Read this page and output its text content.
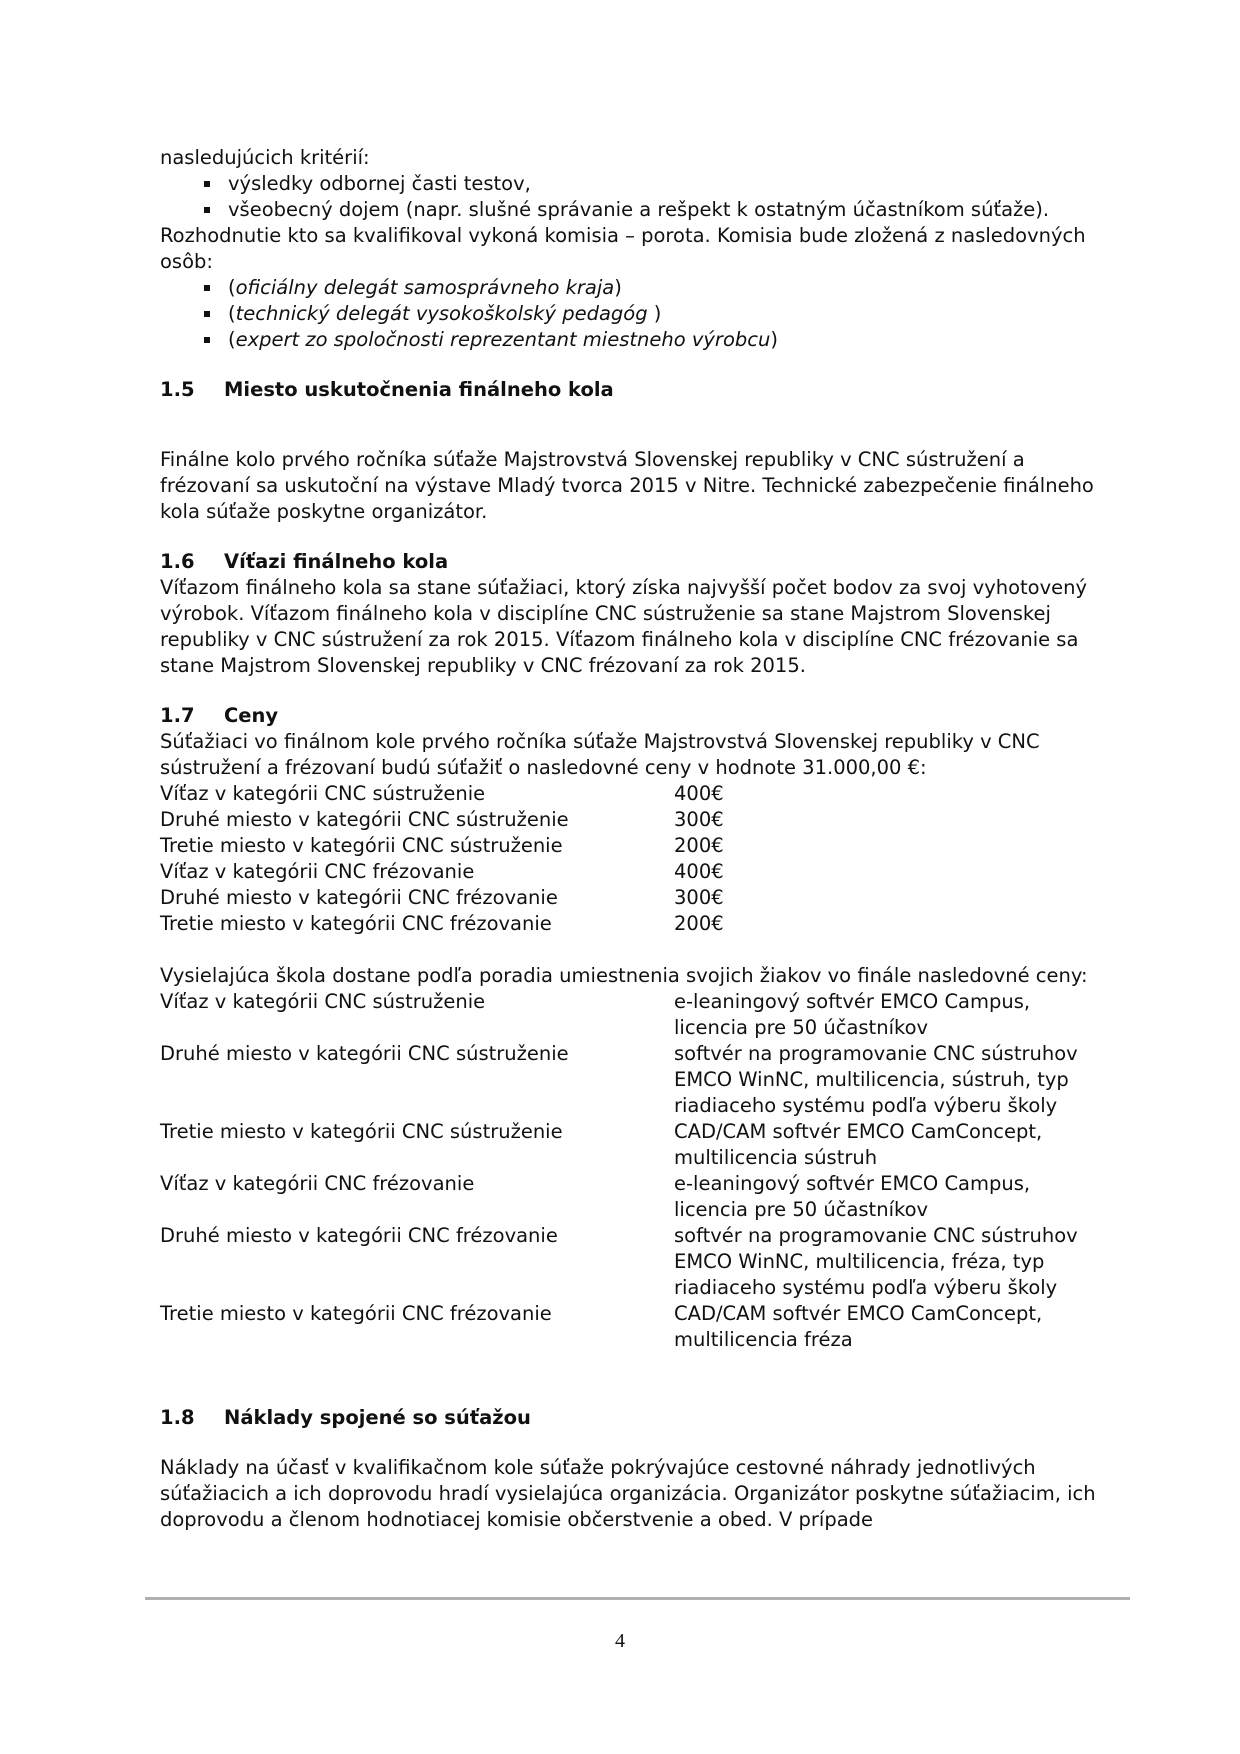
nasledujúcich kritérií:

výsledky odbornej časti testov,
všeobecný dojem (napr. slušné správanie a rešpekt k ostatným účastníkom súťaže).

Rozhodnutie kto sa kvalifikoval vykoná komisia – porota. Komisia bude zložená z nasledovných osôb:

(oficiálny delegát samosprávneho kraja)
(technický delegát vysokoškolský pedagóg )
(expert zo spoločnosti reprezentant miestneho výrobcu)
1.5	Miesto uskutočnenia finálneho kola

Finálne kolo prvého ročníka súťaže Majstrovstvá Slovenskej republiky v CNC sústružení a frézovaní sa uskutoční na výstave Mladý tvorca 2015 v Nitre. Technické zabezpečenie finálneho kola súťaže poskytne organizátor.

1.6	Víťazi finálneho kola

Víťazom finálneho kola sa stane súťažiaci, ktorý získa najvyšší počet bodov za svoj vyhotovený výrobok. Víťazom finálneho kola v disciplíne CNC sústruženie sa stane Majstrom Slovenskej republiky v CNC sústružení za rok 2015. Víťazom finálneho kola v disciplíne CNC frézovanie sa stane Majstrom Slovenskej republiky v CNC frézovaní za rok 2015.

1.7	Ceny

Súťažiaci vo finálnom kole prvého ročníka súťaže Majstrovstvá Slovenskej republiky v CNC sústružení a frézovaní budú súťažiť o nasledovné ceny v hodnote 31.000,00 €:

Víťaz v kategórii CNC sústruženie	400€
Druhé miesto v kategórii CNC sústruženie	300€
Tretie miesto v kategórii CNC sústruženie	200€
Víťaz v kategórii CNC frézovanie	400€
Druhé miesto v kategórii CNC frézovanie	300€
Tretie miesto v kategórii CNC frézovanie	200€

Vysielajúca škola dostane podľa poradia umiestnenia svojich žiakov vo finále nasledovné ceny:

Víťaz v kategórii CNC sústruženie	e-leaningový softvér EMCO Campus,
licencia pre 50 účastníkov
Druhé miesto v kategórii CNC sústruženie	softvér na programovanie CNC sústruhov
EMCO WinNC, multilicencia, sústruh, typ
riadiaceho systému podľa výberu školy
Tretie miesto v kategórii CNC sústruženie	CAD/CAM softvér EMCO CamConcept,
multilicencia sústruh
Víťaz v kategórii CNC frézovanie	e-leaningový softvér EMCO Campus,
licencia pre 50 účastníkov
Druhé miesto v kategórii CNC frézovanie	softvér na programovanie CNC sústruhov
EMCO WinNC, multilicencia, fréza, typ
riadiaceho systému podľa výberu školy
Tretie miesto v kategórii CNC frézovanie	CAD/CAM softvér EMCO CamConcept,
multilicencia fréza
1.8	Náklady spojené so súťažou

Náklady na účasť v kvalifikačnom kole súťaže pokrývajúce cestovné náhrady jednotlivých súťažiacich a ich doprovodu hradí vysielajúca organizácia. Organizátor poskytne súťažiacim, ich doprovodu a členom hodnotiacej komisie občerstvenie a obed. V prípade

4
